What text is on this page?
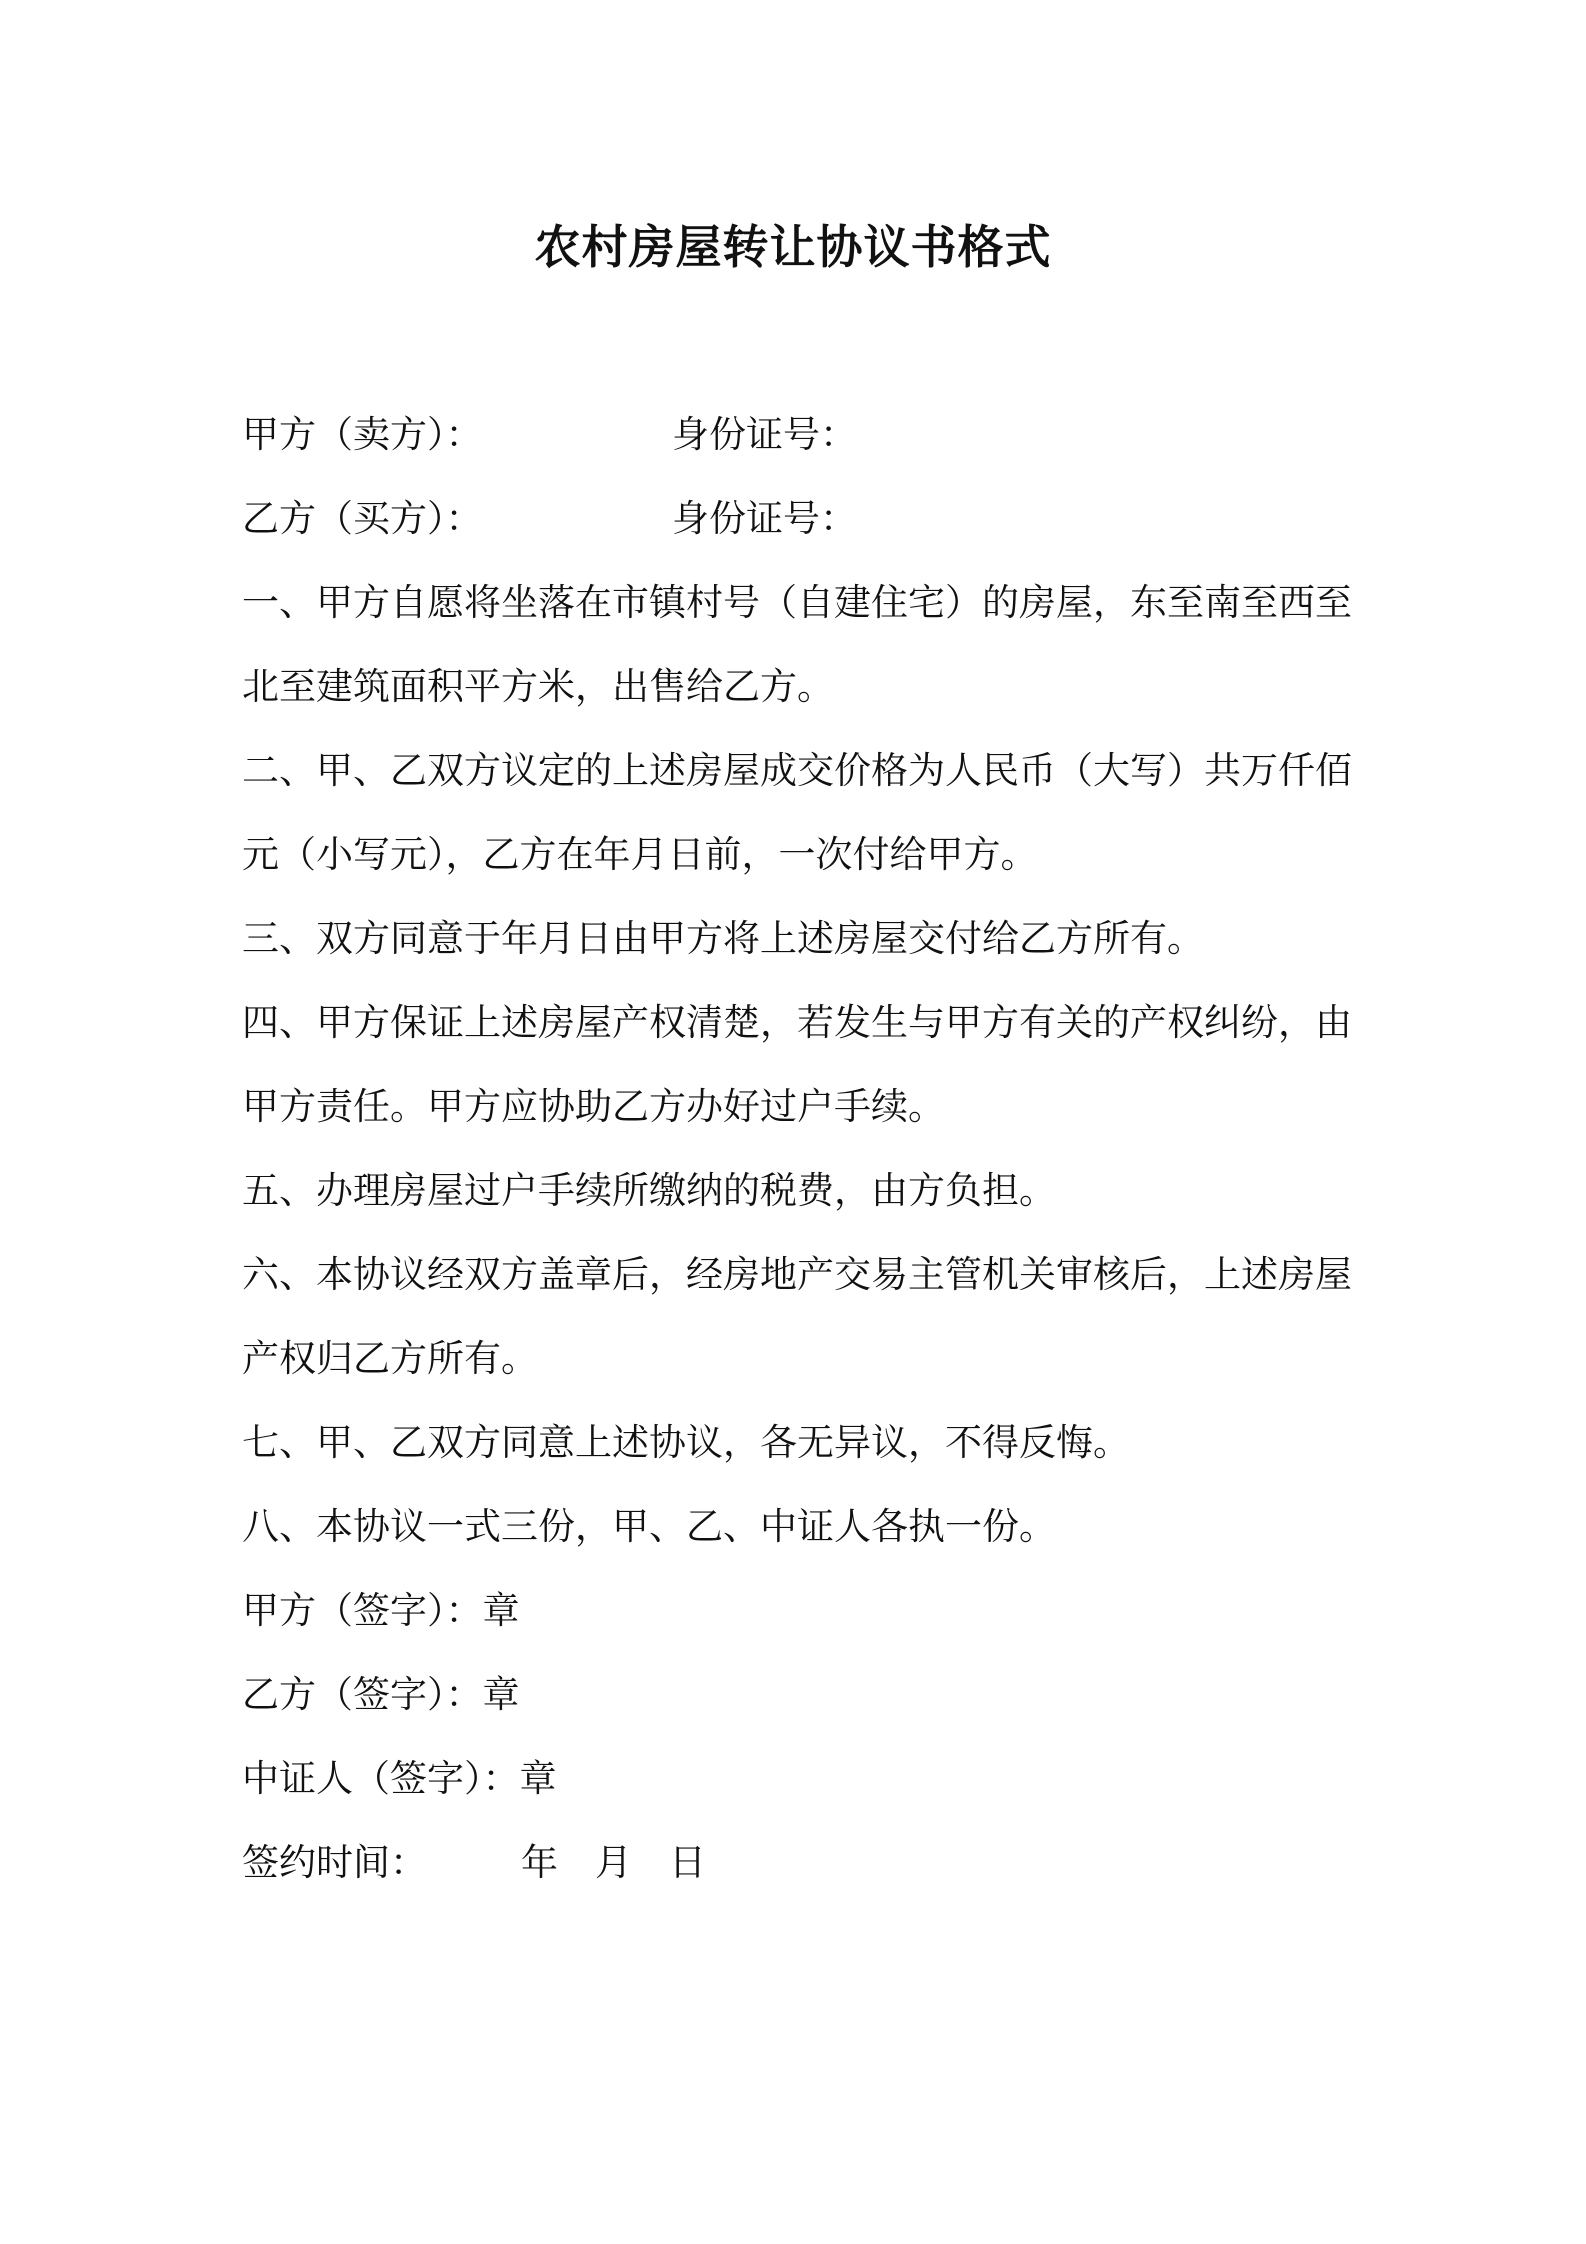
农村房屋转让协议书格式
甲方（卖方）：	身份证号：
乙方（买方）：	身份证号：

一、甲方自愿将坐落在市镇村号（自建住宅）的房屋，东至南至西至

北至建筑面积平方米，出售给乙方。

二、甲、乙双方议定的上述房屋成交价格为人民币（大写）共万仟佰

元（小写元），乙方在年月日前，一次付给甲方。

三、双方同意于年月日由甲方将上述房屋交付给乙方所有。

四、甲方保证上述房屋产权清楚，若发生与甲方有关的产权纠纷，由

甲方责任。甲方应协助乙方办好过户手续。

五、办理房屋过户手续所缴纳的税费，由方负担。

六、本协议经双方盖章后，经房地产交易主管机关审核后，上述房屋

产权归乙方所有。

七、甲、乙双方同意上述协议，各无异议，不得反悔。

八、本协议一式三份，甲、乙、中证人各执一份。

甲方（签字）：章

乙方（签字）：章

中证人（签字）：章

签约时间：	年 月 日
